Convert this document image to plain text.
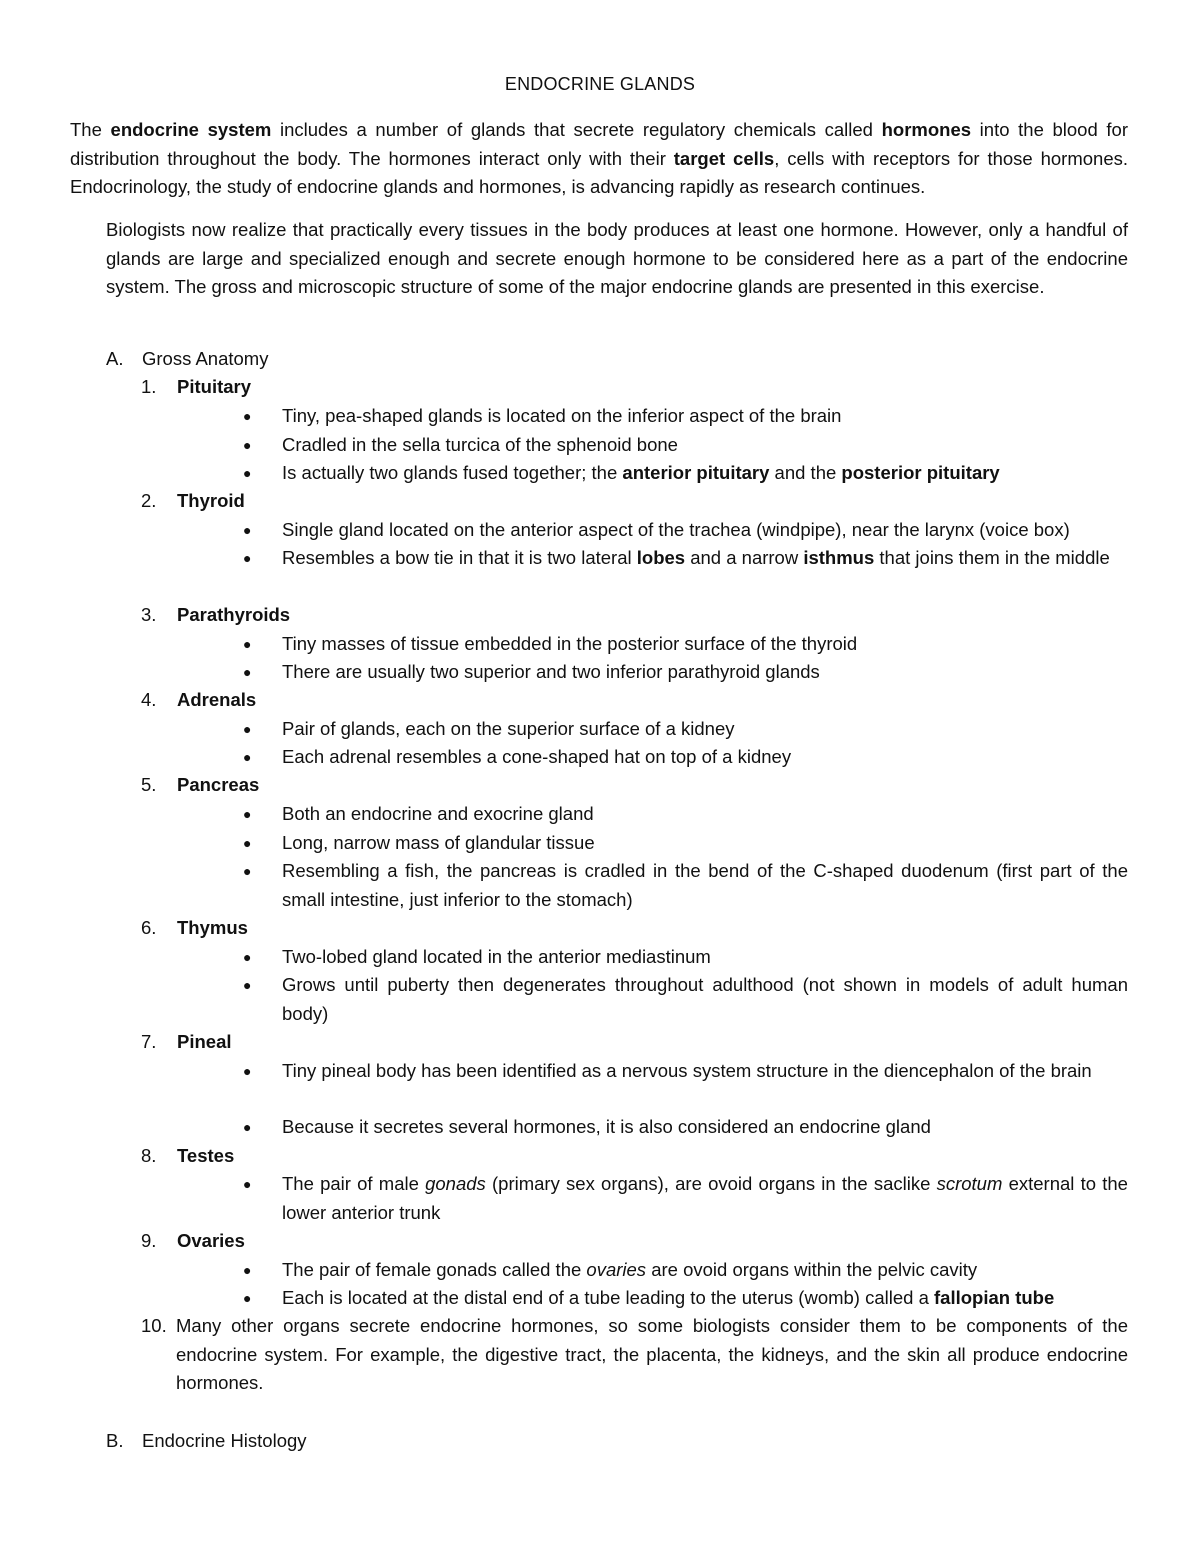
ENDOCRINE GLANDS

The endocrine system includes a number of glands that secrete regulatory chemicals called hormones into the blood for distribution throughout the body. The hormones interact only with their target cells, cells with receptors for those hormones. Endocrinology, the study of endocrine glands and hormones, is advancing rapidly as research continues.

Biologists now realize that practically every tissues in the body produces at least one hormone. However, only a handful of glands are large and specialized enough and secrete enough hormone to be considered here as a part of the endocrine system. The gross and microscopic structure of some of the major endocrine glands are presented in this exercise.

A. Gross Anatomy
1. Pituitary
● Tiny, pea-shaped glands is located on the inferior aspect of the brain
● Cradled in the sella turcica of the sphenoid bone
● Is actually two glands fused together; the anterior pituitary and the posterior pituitary
2. Thyroid
● Single gland located on the anterior aspect of the trachea (windpipe), near the larynx (voice box)
● Resembles a bow tie in that it is two lateral lobes and a narrow isthmus that joins them in the middle
3. Parathyroids
● Tiny masses of tissue embedded in the posterior surface of the thyroid
● There are usually two superior and two inferior parathyroid glands
4. Adrenals
● Pair of glands, each on the superior surface of a kidney
● Each adrenal resembles a cone-shaped hat on top of a kidney
5. Pancreas
● Both an endocrine and exocrine gland
● Long, narrow mass of glandular tissue
● Resembling a fish, the pancreas is cradled in the bend of the C-shaped duodenum (first part of the small intestine, just inferior to the stomach)
6. Thymus
● Two-lobed gland located in the anterior mediastinum
● Grows until puberty then degenerates throughout adulthood (not shown in models of adult human body)
7. Pineal
● Tiny pineal body has been identified as a nervous system structure in the diencephalon of the brain
● Because it secretes several hormones, it is also considered an endocrine gland
8. Testes
● The pair of male gonads (primary sex organs), are ovoid organs in the saclike scrotum external to the lower anterior trunk
9. Ovaries
● The pair of female gonads called the ovaries are ovoid organs within the pelvic cavity
● Each is located at the distal end of a tube leading to the uterus (womb) called a fallopian tube
10. Many other organs secrete endocrine hormones, so some biologists consider them to be components of the endocrine system. For example, the digestive tract, the placenta, the kidneys, and the skin all produce endocrine hormones.
B. Endocrine Histology
